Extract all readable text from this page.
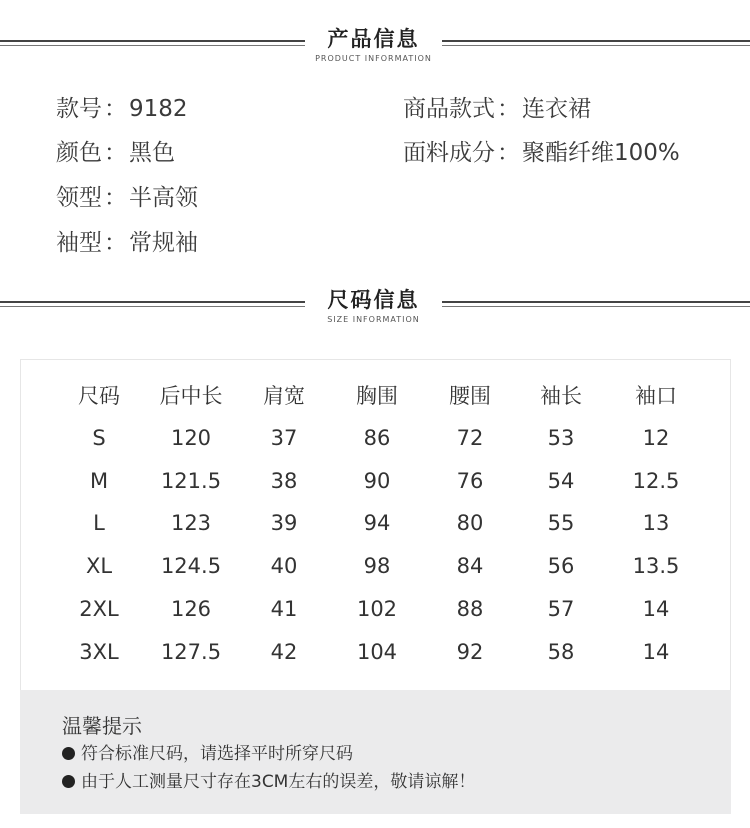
产品信息
PRODUCT INFORMATION
款号：9182
颜色：黑色
领型：半高领
袖型：常规袖
商品款式：连衣裙
面料成分：聚酯纤维100%
尺码信息
SIZE INFORMATION
尺码	后中长	肩宽	胸围	腰围	袖长	袖口
S	120	37	86	72	53	12
M	121.5	38	90	76	54	12.5
L	123	39	94	80	55	13
XL	124.5	40	98	84	56	13.5
2XL	126	41	102	88	57	14
3XL	127.5	42	104	92	58	14
温馨提示
符合标准尺码，请选择平时所穿尺码
由于人工测量尺寸存在3CM左右的误差，敬请谅解！
